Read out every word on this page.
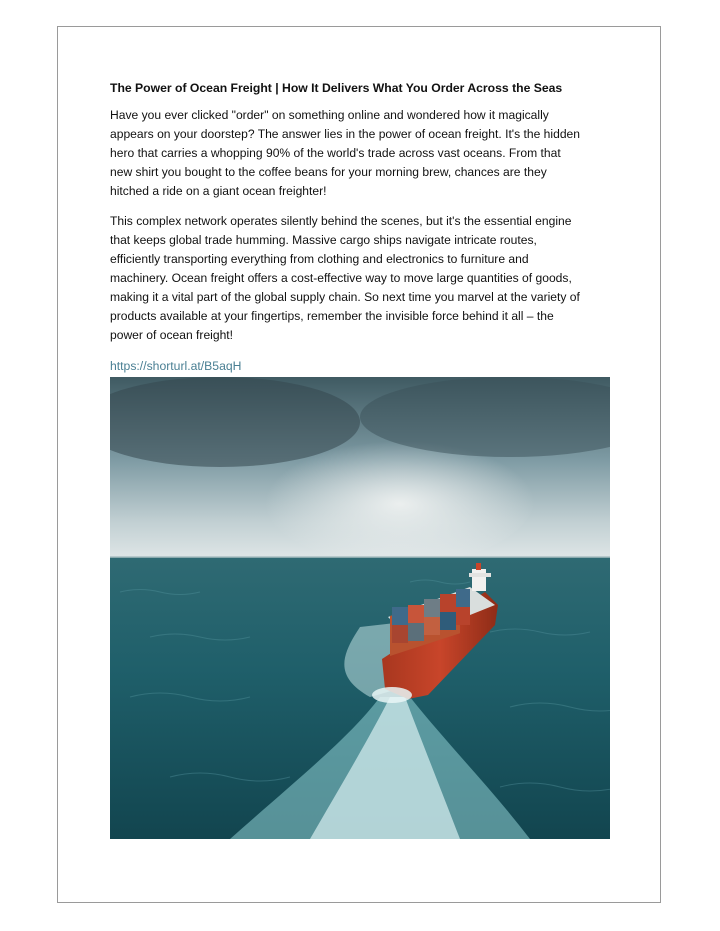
The Power of Ocean Freight | How It Delivers What You Order Across the Seas
Have you ever clicked "order" on something online and wondered how it magically
appears on your doorstep? The answer lies in the power of ocean freight. It's the hidden
hero that carries a whopping 90% of the world's trade across vast oceans. From that
new shirt you bought to the coffee beans for your morning brew, chances are they
hitched a ride on a giant ocean freighter!
This complex network operates silently behind the scenes, but it's the essential engine
that keeps global trade humming. Massive cargo ships navigate intricate routes,
efficiently transporting everything from clothing and electronics to furniture and
machinery. Ocean freight offers a cost-effective way to move large quantities of goods,
making it a vital part of the global supply chain. So next time you marvel at the variety of
products available at your fingertips, remember the invisible force behind it all – the
power of ocean freight!
https://shorturl.at/B5aqH
